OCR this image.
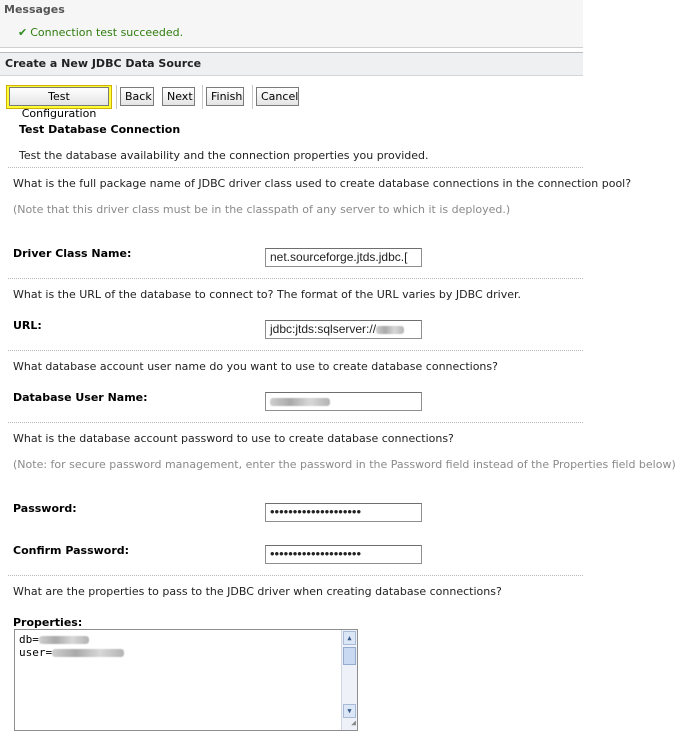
Messages
✔ Connection test succeeded.
Create a New JDBC Data Source
Test Configuration
Back	Next	Finish	Cancel
Test Database Connection
Test the database availability and the connection properties you provided.
What is the full package name of JDBC driver class used to create database connections in the connection pool?
(Note that this driver class must be in the classpath of any server to which it is deployed.)
Driver Class Name:	net.sourceforge.jtds.jdbc.[
What is the URL of the database to connect to? The format of the URL varies by JDBC driver.
URL:	jdbc:jtds:sqlserver://
What database account user name do you want to use to create database connections?
Database User Name:
What is the database account password to use to create database connections?
(Note: for secure password management, enter the password in the Password field instead of the Properties field below)
Password:	••••••••••••••••••••
Confirm Password:	••••••••••••••••••••
What are the properties to pass to the JDBC driver when creating database connections?
Properties:
db=
user=
▲
▼
◢
